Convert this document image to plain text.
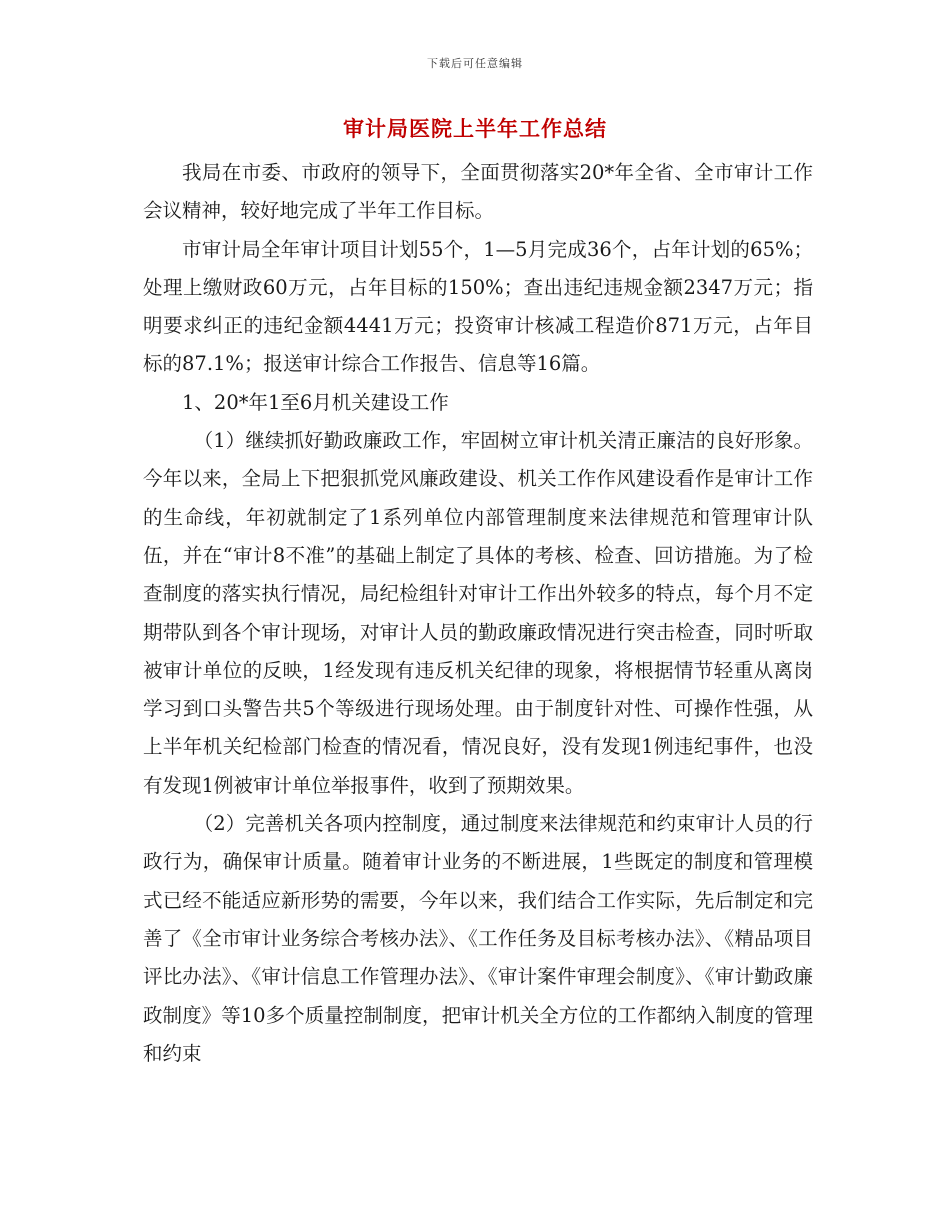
下载后可任意编辑
审计局医院上半年工作总结

我局在市委、市政府的领导下，全面贯彻落实20*年全省、全市审计工作会议精神，较好地完成了半年工作目标。

市审计局全年审计项目计划55个，1—5月完成36个，占年计划的65%；处理上缴财政60万元，占年目标的150%；查出违纪违规金额2347万元；指明要求纠正的违纪金额4441万元；投资审计核减工程造价871万元，占年目标的87.1%；报送审计综合工作报告、信息等16篇。

1、20*年1至6月机关建设工作

（1）继续抓好勤政廉政工作，牢固树立审计机关清正廉洁的良好形象。今年以来，全局上下把狠抓党风廉政建设、机关工作作风建设看作是审计工作的生命线，年初就制定了1系列单位内部管理制度来法律规范和管理审计队伍，并在“审计8不准”的基础上制定了具体的考核、检查、回访措施。为了检查制度的落实执行情况，局纪检组针对审计工作出外较多的特点，每个月不定期带队到各个审计现场，对审计人员的勤政廉政情况进行突击检查，同时听取被审计单位的反映，1经发现有违反机关纪律的现象，将根据情节轻重从离岗学习到口头警告共5个等级进行现场处理。由于制度针对性、可操作性强，从上半年机关纪检部门检查的情况看，情况良好，没有发现1例违纪事件，也没有发现1例被审计单位举报事件，收到了预期效果。

（2）完善机关各项内控制度，通过制度来法律规范和约束审计人员的行政行为，确保审计质量。随着审计业务的不断进展，1些既定的制度和管理模式已经不能适应新形势的需要，今年以来，我们结合工作实际，先后制定和完善了《全市审计业务综合考核办法》、《工作任务及目标考核办法》、《精品项目评比办法》、《审计信息工作管理办法》、《审计案件审理会制度》、《审计勤政廉政制度》等10多个质量控制制度，把审计机关全方位的工作都纳入制度的管理和约束
